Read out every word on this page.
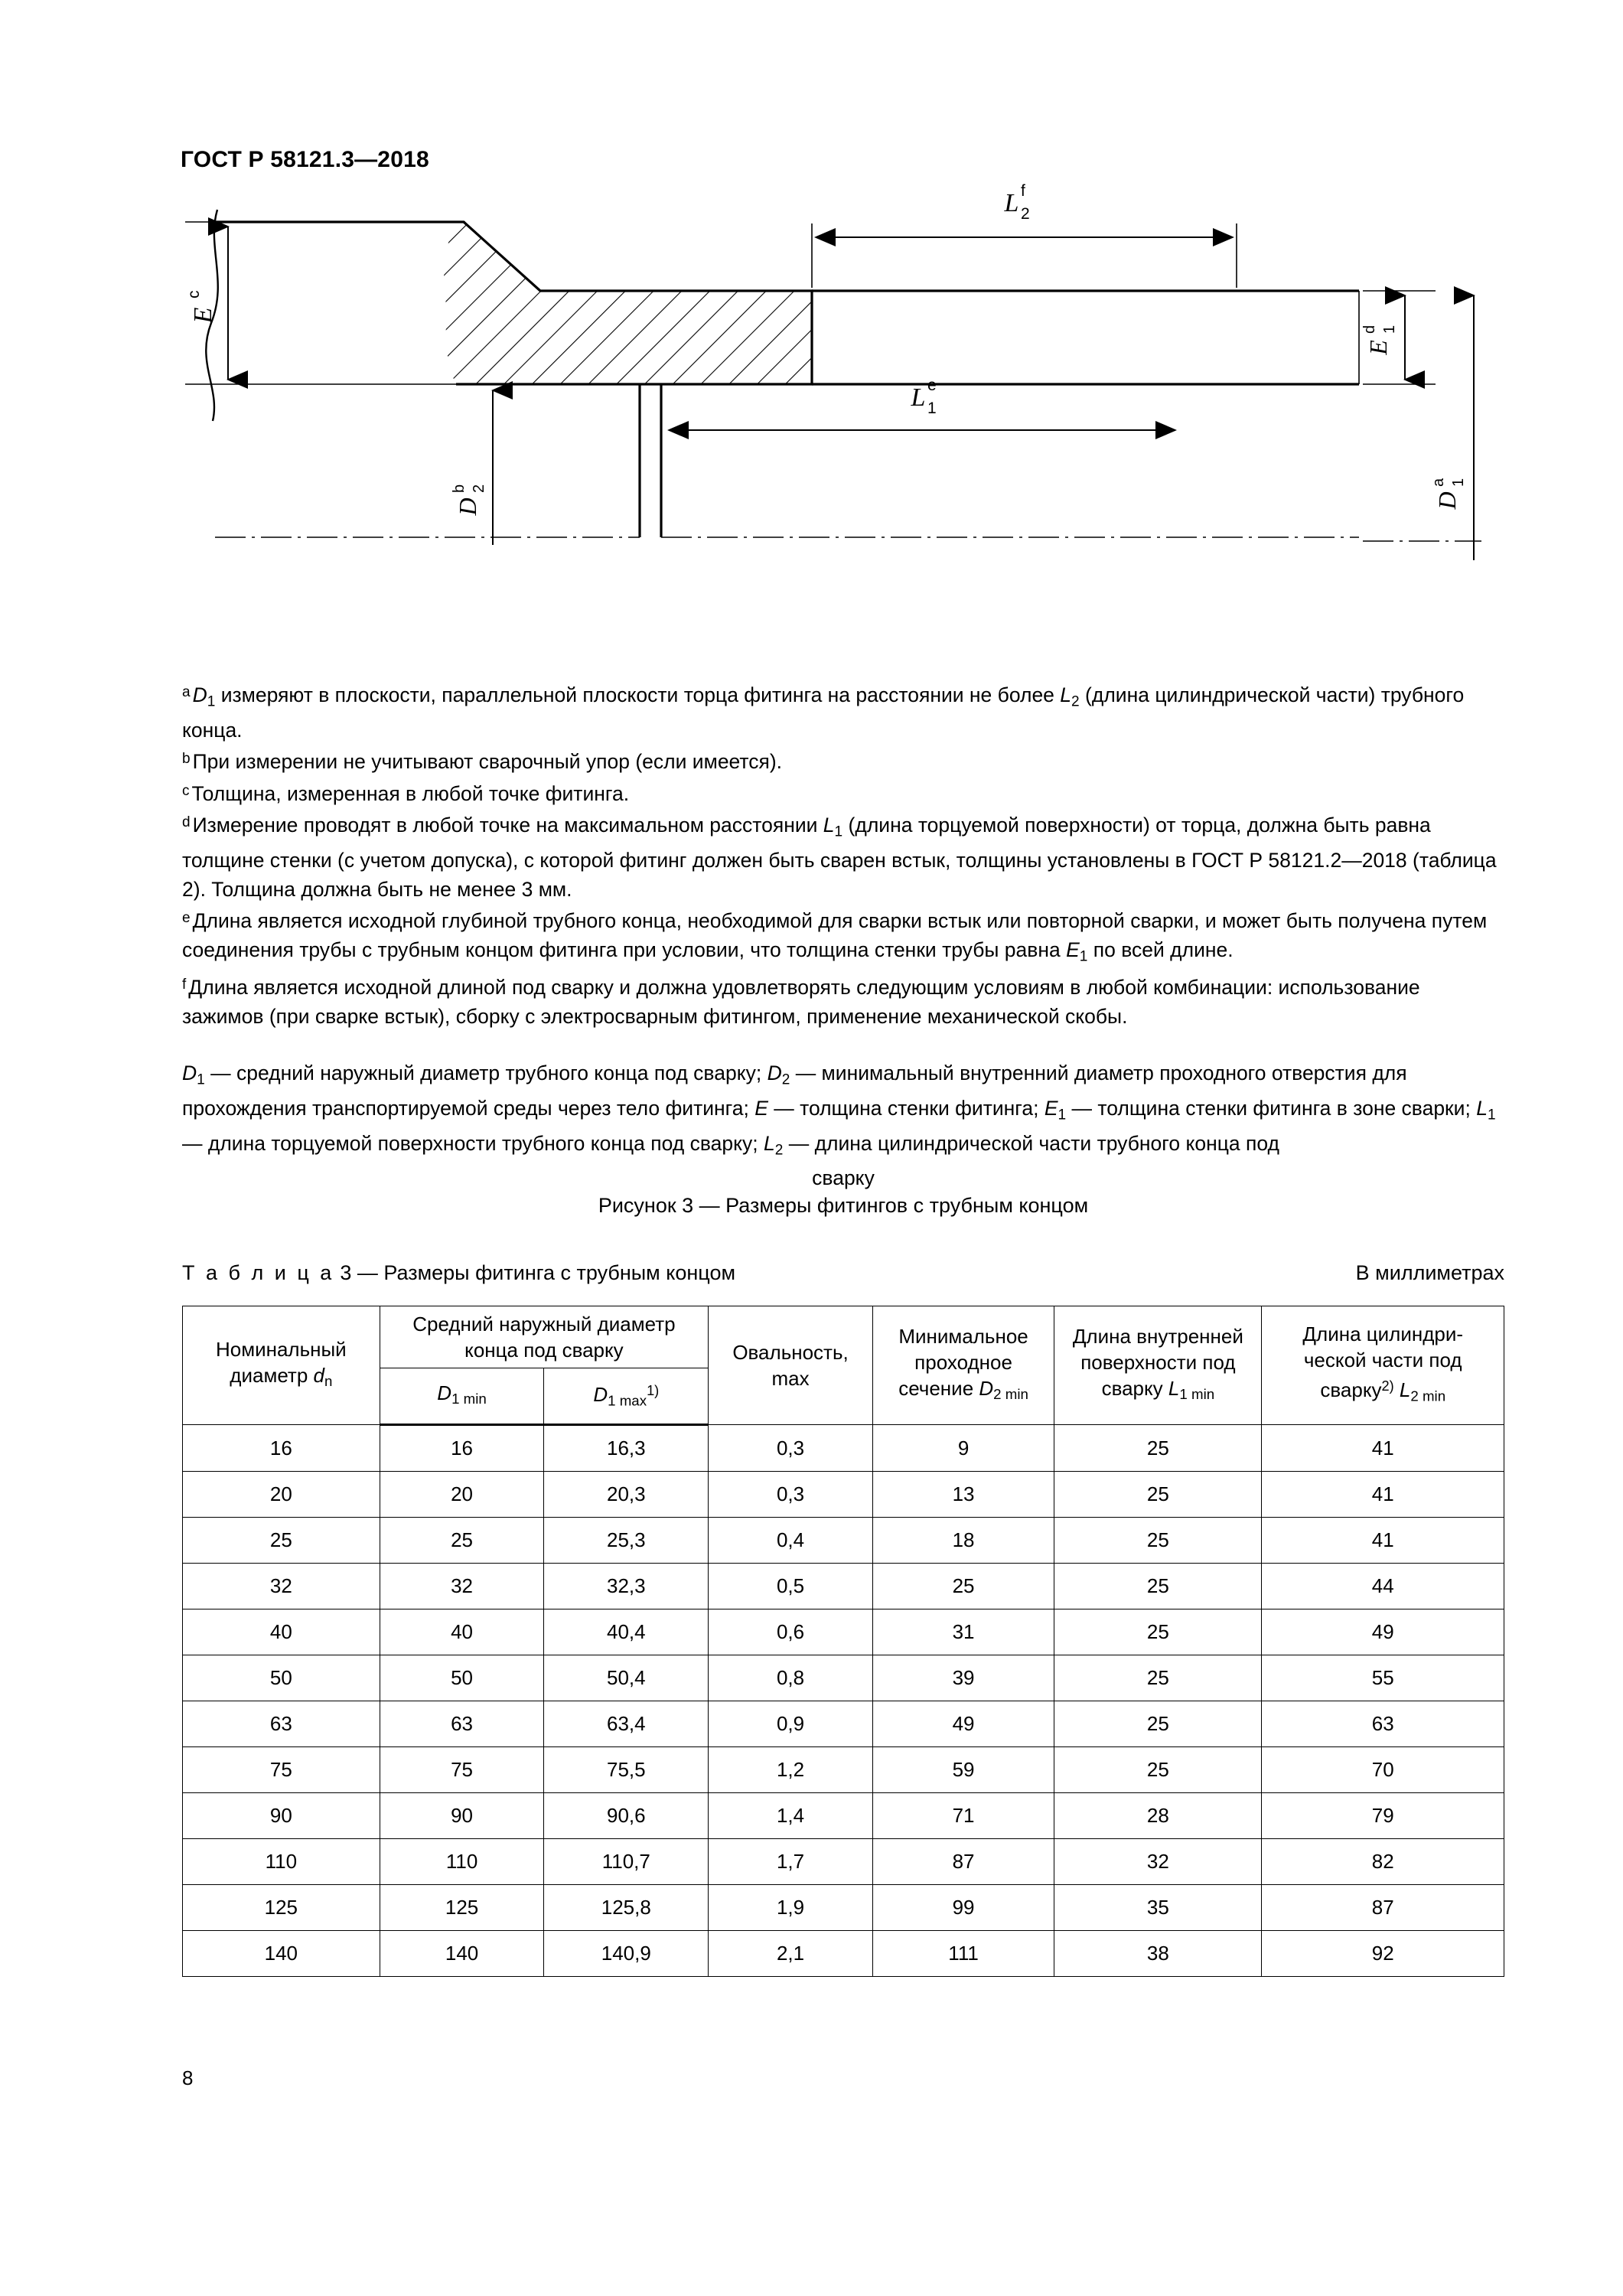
ГОСТ Р 58121.3—2018
E
c
L 2
f
E
1
d
D
1
a
L 1
e
D
2
b

$^a$ $D_1$ измеряют в плоскости, параллельной плоскости торца фитинга на расстоянии не более $L_2$ (длина цилиндрической части) трубного конца.

$^b$ При измерении не учитывают сварочный упор (если имеется).

$^c$ Толщина, измеренная в любой точке фитинга.

$^d$ Измерение проводят в любой точке на максимальном расстоянии $L_1$ (длина торцуемой поверхности) от торца, должна быть равна толщине стенки (с учетом допуска), с которой фитинг должен быть сварен встык, толщины установлены в ГОСТ Р 58121.2—2018 (таблица 2). Толщина должна быть не менее 3 мм.

$^e$ Длина является исходной глубиной трубного конца, необходимой для сварки встык или повторной сварки, и может быть получена путем соединения трубы с трубным концом фитинга при условии, что толщина стенки трубы равна $E_1$ по всей длине.

$^f$ Длина является исходной длиной под сварку и должна удовлетворять следующим условиям в любой комбинации: использование зажимов (при сварке встык), сборку с электросварным фитингом, применение механической скобы.

$D_1$ — средний наружный диаметр трубного конца под сварку; $D_2$ — минимальный внутренний диаметр проходного отверстия для прохождения транспортируемой среды через тело фитинга; E — толщина стенки фитинга; $E_1$ — толщина стенки фитинга в зоне сварки; $L_1$ — длина торцуемой поверхности трубного конца под сварку; $L_2$ — длина цилиндрической части трубного конца под

сварку

Рисунок 3 — Размеры фитингов с трубным концом
Т а б л и ц а 3 — Размеры фитинга с трубным концом	В миллиметрах
Номинальный
диаметр $d_n$

Средний наружный диаметр
конца под сварку	Овальность,
max

Минимальное
проходное
сечение $D_{2 min}$

Длина внутренней
поверхности под
сварку $L_{1 min}$

Длина цилиндри-
ческой части под
сварку$^{2)}$ $L_{2 min}$

	$D_{1 min}$	$D_{1 max}^{1)}$
16	16	16,3	0,3	9	25	41
20	20	20,3	0,3	13	25	41
25	25	25,3	0,4	18	25	41
32	32	32,3	0,5	25	25	44
40	40	40,4	0,6	31	25	49
50	50	50,4	0,8	39	25	55
63	63	63,4	0,9	49	25	63
75	75	75,5	1,2	59	25	70
90	90	90,6	1,4	71	28	79
110	110	110,7	1,7	87	32	82
125	125	125,8	1,9	99	35	87
140	140	140,9	2,1	111	38	92
8
